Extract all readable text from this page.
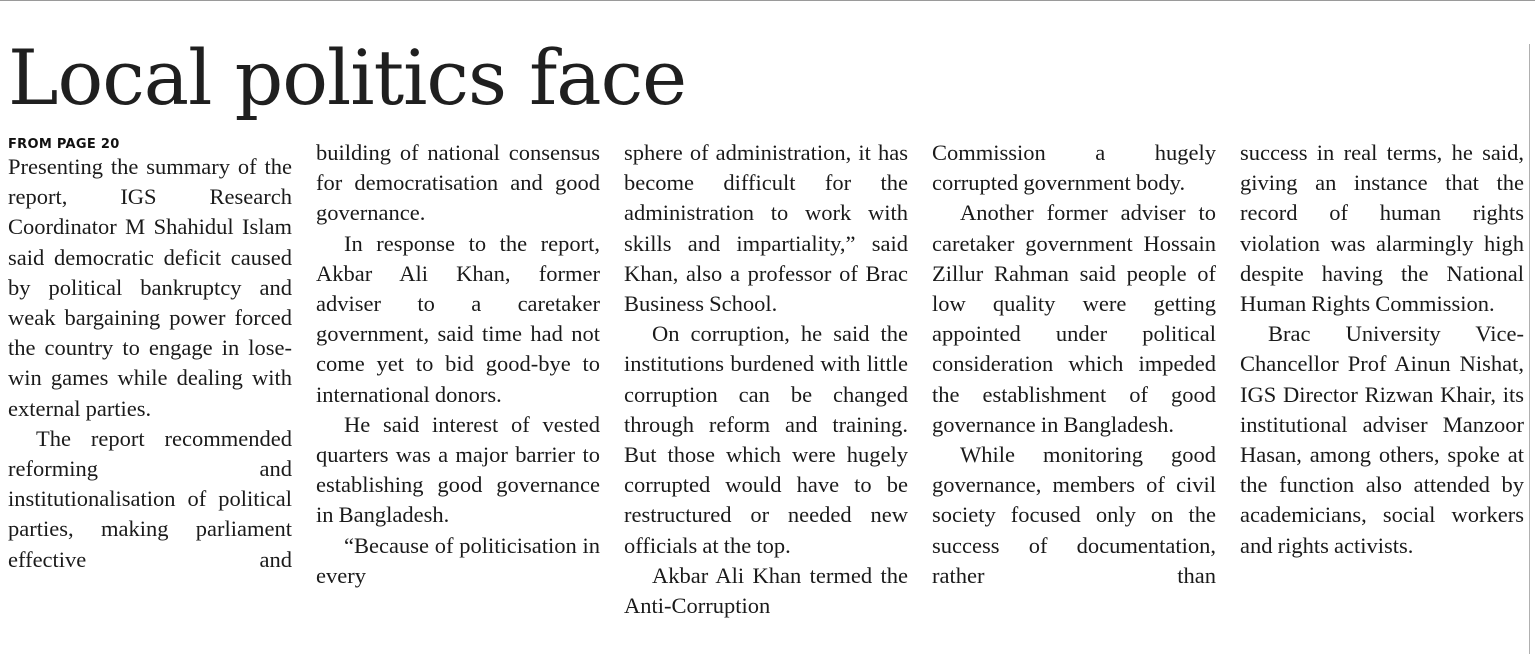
Local politics face
FROM PAGE 20

Presenting the summary of the report, IGS Research Coordinator M Shahidul Islam said democratic deficit caused by political bankruptcy and weak bargaining power forced the country to engage in lose-win games while dealing with external parties.

The report recommended reforming and institutionalisation of political parties, making parliament effective and

building of national consensus for democratisation and good governance.

In response to the report, Akbar Ali Khan, former adviser to a caretaker government, said time had not come yet to bid good-bye to international donors.

He said interest of vested quarters was a major barrier to establishing good governance in Bangladesh.

“Because of politicisation in every

sphere of administration, it has become difficult for the administration to work with skills and impartiality,” said Khan, also a professor of Brac Business School.

On corruption, he said the institutions burdened with little corruption can be changed through reform and training. But those which were hugely corrupted would have to be restructured or needed new officials at the top.

Akbar Ali Khan termed the Anti-Corruption

Commission a hugely corrupted government body.

Another former adviser to caretaker government Hossain Zillur Rahman said people of low quality were getting appointed under political consideration which impeded the establishment of good governance in Bangladesh.

While monitoring good governance, members of civil society focused only on the success of documentation, rather than

success in real terms, he said, giving an instance that the record of human rights violation was alarmingly high despite having the National Human Rights Commission.

Brac University Vice-Chancellor Prof Ainun Nishat, IGS Director Rizwan Khair, its institutional adviser Manzoor Hasan, among others, spoke at the function also attended by academicians, social workers and rights activists.
